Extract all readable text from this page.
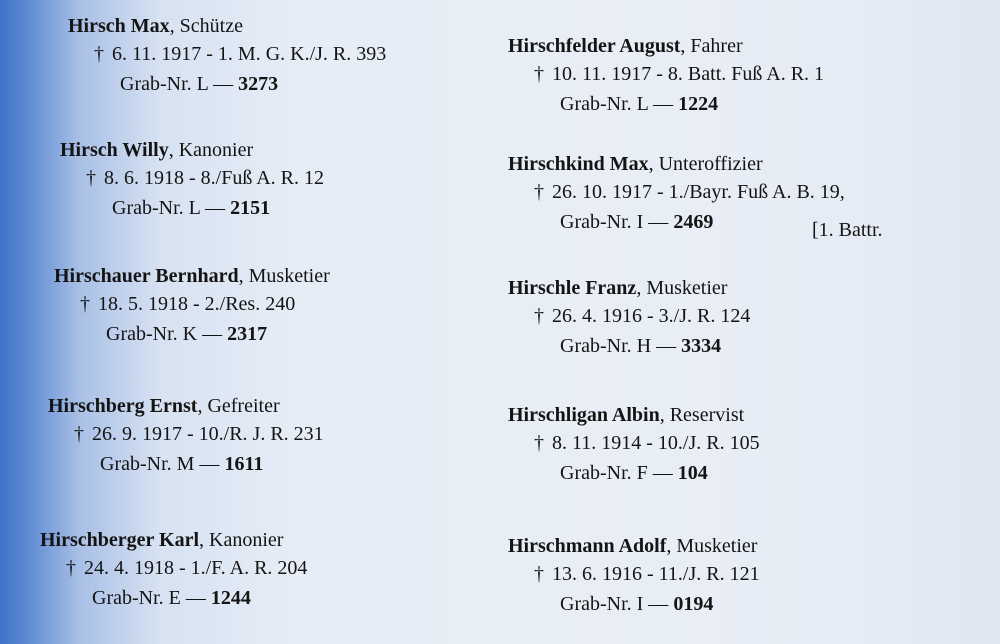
Hirsch Max, Schütze
† 6. 11. 1917 - 1. M. G. K./J. R. 393
Grab-Nr. L — 3273
Hirsch Willy, Kanonier
† 8. 6. 1918 - 8./Fuß A. R. 12
Grab-Nr. L — 2151
Hirschauer Bernhard, Musketier
† 18. 5. 1918 - 2./Res. 240
Grab-Nr. K — 2317
Hirschberg Ernst, Gefreiter
† 26. 9. 1917 - 10./R. J. R. 231
Grab-Nr. M — 1611
Hirschberger Karl, Kanonier
† 24. 4. 1918 - 1./F. A. R. 204
Grab-Nr. E — 1244
Hirschfelder August, Fahrer
† 10. 11. 1917 - 8. Batt. Fuß A. R. 1
Grab-Nr. L — 1224
Hirschkind Max, Unteroffizier
† 26. 10. 1917 - 1./Bayr. Fuß A. B. 19,
Grab-Nr. I — 2469	[1. Battr.
Hirschle Franz, Musketier
† 26. 4. 1916 - 3./J. R. 124
Grab-Nr. H — 3334
Hirschligan Albin, Reservist
† 8. 11. 1914 - 10./J. R. 105
Grab-Nr. F — 104
Hirschmann Adolf, Musketier
† 13. 6. 1916 - 11./J. R. 121
Grab-Nr. I — 0194
